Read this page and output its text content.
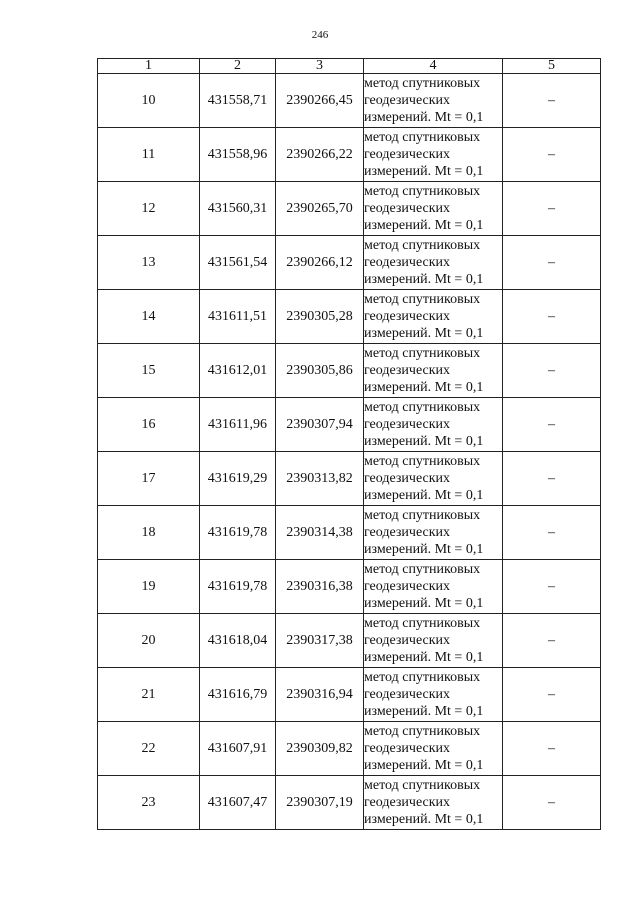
246
1	2	3	4	5
10	431558,71	2390266,45	метод спутниковых
геодезических
измерений. Mt = 0,1	–
11	431558,96	2390266,22	метод спутниковых
геодезических
измерений. Mt = 0,1	–
12	431560,31	2390265,70	метод спутниковых
геодезических
измерений. Mt = 0,1	–
13	431561,54	2390266,12	метод спутниковых
геодезических
измерений. Mt = 0,1	–
14	431611,51	2390305,28	метод спутниковых
геодезических
измерений. Mt = 0,1	–
15	431612,01	2390305,86	метод спутниковых
геодезических
измерений. Mt = 0,1	–
16	431611,96	2390307,94	метод спутниковых
геодезических
измерений. Mt = 0,1	–
17	431619,29	2390313,82	метод спутниковых
геодезических
измерений. Mt = 0,1	–
18	431619,78	2390314,38	метод спутниковых
геодезических
измерений. Mt = 0,1	–
19	431619,78	2390316,38	метод спутниковых
геодезических
измерений. Mt = 0,1	–
20	431618,04	2390317,38	метод спутниковых
геодезических
измерений. Mt = 0,1	–
21	431616,79	2390316,94	метод спутниковых
геодезических
измерений. Mt = 0,1	–
22	431607,91	2390309,82	метод спутниковых
геодезических
измерений. Mt = 0,1	–
23	431607,47	2390307,19	метод спутниковых
геодезических
измерений. Mt = 0,1	–
